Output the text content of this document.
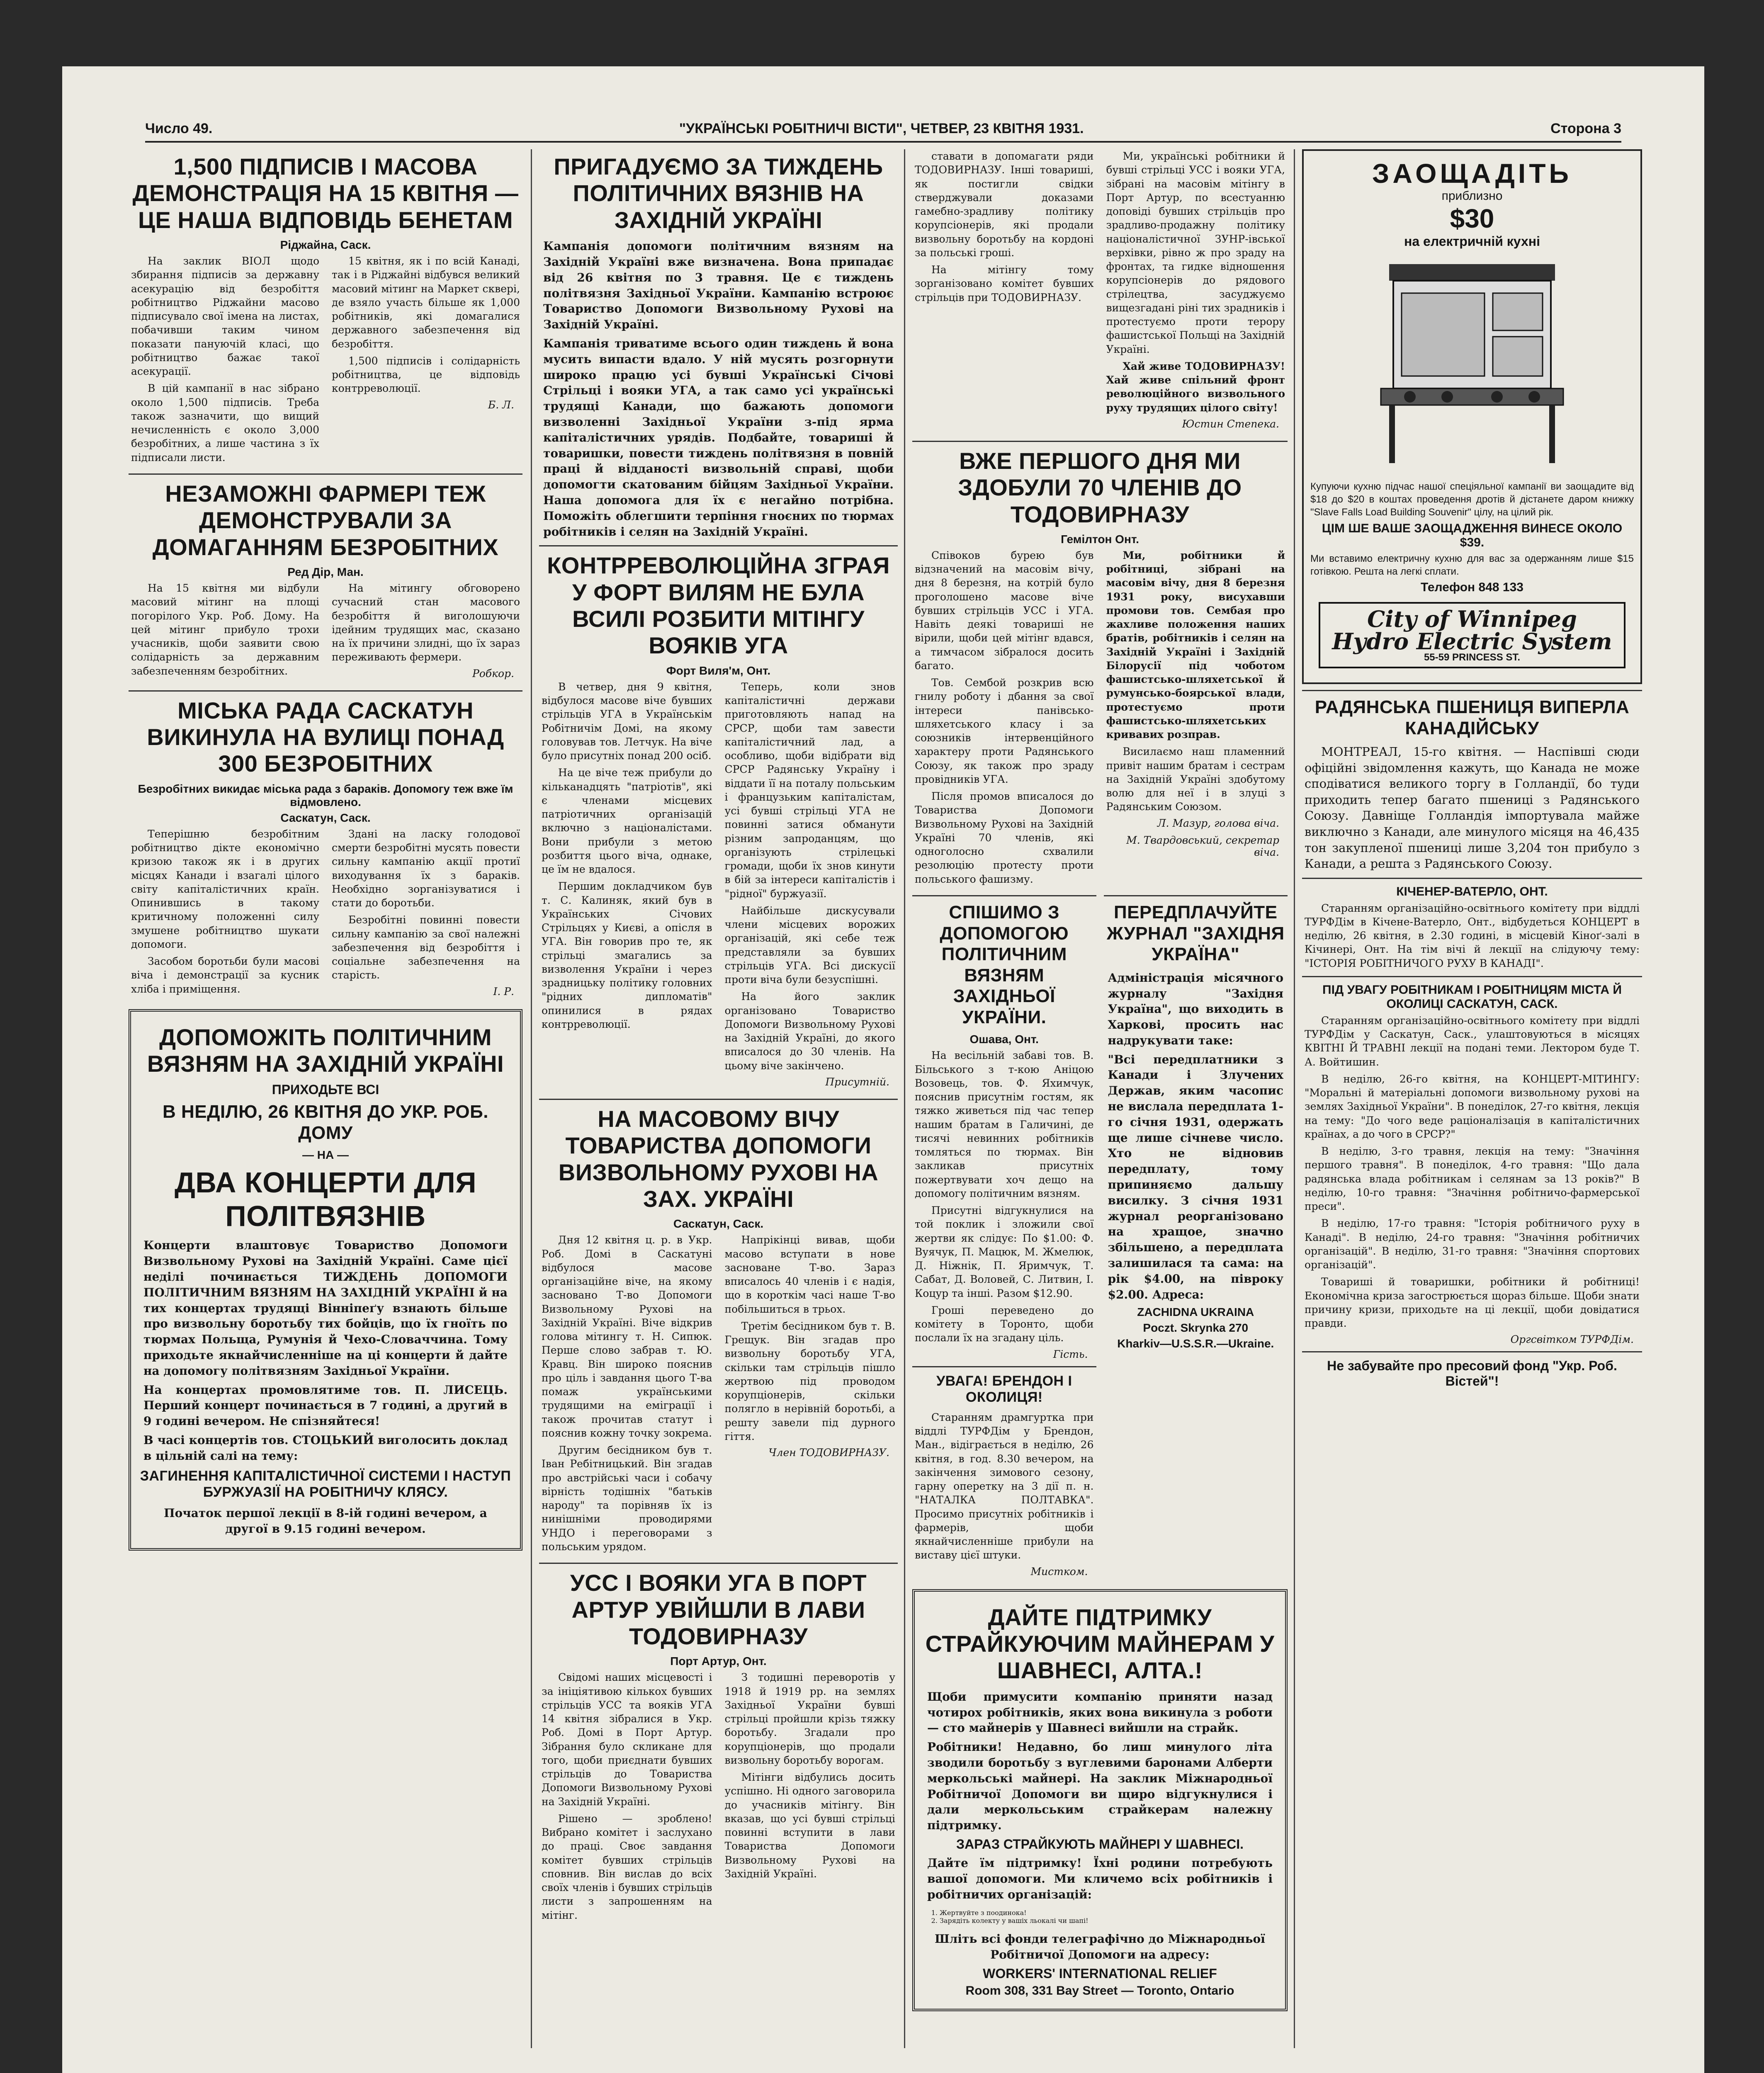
Число 49.	"УКРАЇНСЬКІ РОБІТНИЧІ ВІСТИ", ЧЕТВЕР, 23 КВІТНЯ 1931.	Сторона 3
1,500 ПІДПИСІВ І МАСОВА ДЕМОНСТРАЦІЯ НА 15 КВІТНЯ — ЦЕ НАША ВІДПОВІДЬ БЕНЕТАМ
Ріджайна, Саск.

На заклик ВІОЛ щодо збирання підписів за державну асекурацію від безробіття робітництво Ріджайни масово підписувало свої імена на листах, побачивши таким чином показати пануючій класі, що робітництво бажає такої асекурації.

В цій кампанії в нас зібрано около 1,500 підписів. Треба також зазначити, що вищий нечисленність є около 3,000 безробітних, а лише частина з їх підписали листи.

15 квітня, як і по всій Канаді, так і в Ріджайні відбувся великий масовий мітинг на Маркет сквері, де взяло участь більше як 1,000 робітників, які домагалися державного забезпечення від безробіття.

1,500 підписів і солідарність робітництва, це відповідь контрреволюції.

Б. Л.
НЕЗАМОЖНІ ФАРМЕРІ ТЕЖ ДЕМОНСТРУВАЛИ ЗА ДОМАГАННЯМ БЕЗРОБІТНИХ
Ред Дір, Ман.

На 15 квітня ми відбули масовий мітинг на площі погорілого Укр. Роб. Дому. На цей мітинг прибуло трохи учасників, щоби заявити свою солідарність за державним забезпеченням безробітних.

На мітингу обговорено сучасний стан масового безробіття й виголошуючи ідейним трудящих мас, сказано на їх причини злидні, що їх зараз переживають фермери.

Робкор.
МІСЬКА РАДА САСКАТУН ВИКИНУЛА НА ВУЛИЦІ ПОНАД 300 БЕЗРОБІТНИХ
Безробітних викидає міська рада з бараків. Допомогу теж вже їм відмовлено.
Саскатун, Саск.

Теперішню безробітним робітництво дікте економічно кризою також як і в других місцях Канади і взагалі цілого світу капіталістичних країн. Опинившись в такому критичному положенні силу змушене робітництво шукати допомоги.

Засобом боротьби були масові віча і демонстрації за кусник хліба і приміщення.

Здані на ласку голодової смерти безробітні мусять повести сильну кампанію акції протиї виходування їх з бараків. Необхідно зорганізуватися і стати до боротьби.

Безробітні повинні повести сильну кампанію за свої належні забезпечення від безробіття і соціальне забезпечення на старість.

І. Р.
ДОПОМОЖІТЬ ПОЛІТИЧНИМ ВЯЗНЯМ НА ЗАХІДНІЙ УКРАЇНІ
ПРИХОДЬТЕ ВСІ
В НЕДІЛЮ, 26 КВІТНЯ ДО УКР. РОБ. ДОМУ
— НА —
ДВА КОНЦЕРТИ ДЛЯ ПОЛІТВЯЗНІВ
Концерти влаштовує Товариство Допомоги Визвольному Рухові на Західній Україні. Саме цієї неділі починається ТИЖДЕНЬ ДОПОМОГИ ПОЛІТИЧНИМ ВЯЗНЯМ НА ЗАХІДНІЙ УКРАЇНІ й на тих концертах трудящі Вінніпеґу взнають більше про визвольну боротьбу тих бойців, що їх гноїть по тюрмах Польща, Румунія й Чехо-Словаччина. Тому приходьте якнайчисленніше на ці концерти й дайте на допомогу політвязням Західньої України.
На концертах промовлятиме тов. П. ЛИСЕЦЬ. Перший концерт починається в 7 годині, а другий в 9 годині вечером. Не спізняйтеся!
В часі концертів тов. СТОЦЬКИЙ виголосить доклад в цільній салі на тему:
ЗАГИНЕННЯ КАПІТАЛІСТИЧНОЇ СИСТЕМИ І НАСТУП БУРЖУАЗІЇ НА РОБІТНИЧУ КЛЯСУ.
Початок першої лекції в 8-ій годині вечером, а другої в 9.15 годині вечером.
ПРИГАДУЄМО ЗА ТИЖДЕНЬ ПОЛІТИЧНИХ ВЯЗНІВ НА ЗАХІДНІЙ УКРАЇНІ
Кампанія допомоги політичним вязням на Західній Україні вже визначена. Вона припадає від 26 квітня по 3 травня. Це є тиждень політвязня Західньої України. Кампанію встроює Товариство Допомоги Визвольному Рухові на Західній Україні.
Кампанія триватиме всього один тиждень й вона мусить випасти вдало. У ній мусять розгорнути широко працю усі бувші Українські Січові Стрільці і вояки УГА, а так само усі українські трудящі Канади, що бажають допомоги визволенні Західньої України з-під ярма капіталістичних урядів. Подбайте, товариші й товаришки, повести тиждень політвязня в повній праці й відданості визвольній справі, щоби допомогти скатованим бійцям Західньої України. Наша допомога для їх є негайно потрібна. Поможіть облегшити терпіння гноєних по тюрмах робітників і селян на Західній Україні.
КОНТРРЕВОЛЮЦІЙНА ЗГРАЯ У ФОРТ ВИЛЯМ НЕ БУЛА ВСИЛІ РОЗБИТИ МІТІНГУ ВОЯКІВ УГА
Форт Виля'м, Онт.

В четвер, дня 9 квітня, відбулося масове віче бувших стрільців УГА в Українськім Робітничім Домі, на якому головував тов. Летчук. На віче було присутніх понад 200 осіб.

На це віче теж прибули до кільканадцять "патріотів", які є членами місцевих патріотичних організацій включно з націоналістами. Вони прибули з метою розбиття цього віча, однаке, це їм не вдалося.

Першим докладчиком був т. С. Калиняк, який був в Українських Січових Стрільцях у Києві, а опісля в УГА. Він говорив про те, як стрільці змагались за визволення України і через зрадницьку політику головних "рідних дипломатів" опинилися в рядах контрреволюції.

Теперь, коли знов капіталістичні держави приготовляють напад на СРСР, щоби там завести капіталістичний лад, а особливо, щоби відібрати від СРСР Радянську Україну і віддати її на поталу польським і французьким капіталістам, усі бувші стрільці УГА не повинні затися обманути різним запроданцям, що організують стрілецькі громади, щоби їх знов кинути в бій за інтереси капіталістів і "рідної" буржуазії.

Найбільше дискусували члени місцевих ворожих організацій, які себе теж представляли за бувших стрільців УГА. Всі дискусії проти віча були безуспішні.

На його заклик організовано Товариство Допомоги Визвольному Рухові на Західній Україні, до якого вписалося до 30 членів. На цьому віче закінчено.

Присутній.
НА МАСОВОМУ ВІЧУ ТОВАРИСТВА ДОПОМОГИ ВИЗВОЛЬНОМУ РУХОВІ НА ЗАХ. УКРАЇНІ
Саскатун, Саск.

Дня 12 квітня ц. р. в Укр. Роб. Домі в Саскатуні відбулося масове організаційне віче, на якому засновано Т-во Допомоги Визвольному Рухові на Західній Україні. Віче відкрив голова мітингу т. Н. Сипюк. Перше слово забрав т. Ю. Кравц. Він широко пояснив про ціль і завдання цього Т-ва помаж українськими трудящими на еміграції і також прочитав статут і пояснив кожну точку зокрема.

Другим бесідником був т. Іван Ребітницький. Він згадав про австрійські часи і собачу вірність тодішніх "батьків народу" та порівняв їх із нинішніми проводирями УНДО і переговорами з польським урядом.

Напрікінці вивав, щоби масово вступати в нове засноване Т-во. Зараз вписалось 40 членів і є надія, що в короткім часі наше Т-во побільшиться в трьох.

Третім бесідником був т. В. Грещук. Він згадав про визвольну боротьбу УГА, скільки там стрільців пішло жертвою під проводом корупціонерів, скільки полягло в нерівній боротьбі, а решту завели під дурного гіття.

Член ТОДОВИРНАЗУ.
УСС І ВОЯКИ УГА В ПОРТ АРТУР УВІЙШЛИ В ЛАВИ ТОДОВИРНАЗУ
Порт Артур, Онт.

Свідомі наших місцевості і за ініціятивою кількох бувших стрільців УСС та вояків УГА 14 квітня зібралися в Укр. Роб. Домі в Порт Артур. Зібрання було скликане для того, щоби приєднати бувших стрільців до Товариства Допомоги Визвольному Рухові на Західній Україні.

Рішено — зроблено! Вибрано комітет і заслухано до праці. Своє завдання комітет бувших стрільців сповнив. Він вислав до всіх своїх членів і бувших стрільців листи з запрошенням на мітінг.

З тодишні переворотів у 1918 й 1919 рр. на землях Західньої України бувші стрільці пройшли крізь тяжку боротьбу. Згадали про корупціонерів, що продали визвольну боротьбу ворогам.

Мітінги відбулись досить успішно. Ні одного заговорила до учасників мітінгу. Він вказав, що усі бувші стрільці повинні вступити в лави Товариства Допомоги Визвольному Рухові на Західній Україні.

ставати в допомагати ряди ТОДОВИРНАЗУ. Інші товариші, як постигли свідки стверджували доказами гамебно-зрадливу політику корупсіонерів, які продали визвольну боротьбу на кордоні за польські гроші.

На мітінгу тому зорганізовано комітет бувших стрільців при ТОДОВИРНАЗУ.

Ми, українські робітники й бувші стрільці УСС і вояки УГА, зібрані на масовім мітінгу в Порт Артур, по всестуанню доповіді бувших стрільців про зрадливо-продажну політику націоналістичної ЗУНР-івської верхівки, рівно ж про зраду на фронтах, та гидке відношення корупсіонерів до рядового стрілецтва, засуджуємо вищезгадані ріні тих зрадників і протестуємо проти терору фашистської Польщі на Західній Україні.

Хай живе ТОДОВИРНАЗУ! Хай живе спільний фронт революційного визвольного руху трудящих цілого світу!

Юстин Степека.
ВЖЕ ПЕРШОГО ДНЯ МИ ЗДОБУЛИ 70 ЧЛЕНІВ ДО ТОДОВИРНАЗУ
Гемілтон Онт.

Співоков бурею був відзначений на масовім вічу, дня 8 березня, на котрій було проголошено масове віче бувших стрільців УСС і УГА. Навіть деякі товариші не вірили, щоби цей мітінг вдався, а тимчасом зібралося досить багато.

Тов. Сембой розкрив всю гнилу роботу і дбання за свої інтереси панівсько-шляхетського класу і за союзників інтервенційного характеру проти Радянського Союзу, як також про зраду провідників УГА.

Після промов вписалося до Товариства Допомоги Визвольному Рухові на Західній Україні 70 членів, які одноголосно схвалили резолюцію протесту проти польського фашизму.

Ми, робітники й робітниці, зібрані на масовім вічу, дня 8 березня 1931 року, висухавши промови тов. Сембая про жахливе положення наших братів, робітників і селян на Західній Україні і Західній Білорусії під чоботом фашистсько-шляхетської й румунсько-боярської влади, протестуємо проти фашистсько-шляхетських кривавих розправ.

Висилаємо наш пламенний привіт нашим братам і сестрам на Західній Україні здобутому волю для неї і в злуці з Радянським Союзом.

Л. Мазур, голова віча.
М. Твардовський, секретар віча.
СПІШИМО З ДОПОМОГОЮ ПОЛІТИЧНИМ ВЯЗНЯМ ЗАХІДНЬОЇ УКРАЇНИ.
Ошава, Онт.

На весільній забаві тов. В. Більського з т-кою Аніцою Возовець, тов. Ф. Яхимчук, пояснив присутнім гостям, як тяжко живеться під час тепер нашим братам в Галичині, де тисячі невинних робітників томляться по тюрмах. Він закликав присутніх пожертвувати хоч дещо на допомогу політичним вязням.

Присутні відгукнулися на той поклик і зложили свої жертви як слідує: По $1.00: Ф. Вуячук, П. Мацюк, М. Жмелюк, Д. Ніжнік, П. Яримчук, Т. Сабат, Д. Воловей, С. Литвин, І. Коцур та інші. Разом $12.90.

Гроші переведено до комітету в Торонто, щоби послали їх на згадану ціль.

Гість.
УВАГА! БРЕНДОН І ОКОЛИЦЯ!

Старанням драмгуртка при віддлі ТУРФДім у Брендон, Ман., відіграється в неділю, 26 квітня, в год. 8.30 вечером, на закінчення зимового сезону, гарну оперетку на 3 дії п. н. "НАТАЛКА ПОЛТАВКА". Просимо присутніх робітників і фармерів, щоби якнайчисленніше прибули на виставу цієї штуки.

Мистком.
ПЕРЕДПЛАЧУЙТЕ ЖУРНАЛ "ЗАХІДНЯ УКРАЇНА"
Адміністрація місячного журналу "Західня Україна", що виходить в Харкові, просить нас надрукувати таке:
"Всі передплатники з Канади і Злучених Держав, яким часопис не вислала передплата 1-го січня 1931, одержать ще лише січневе число. Хто не відновив передплату, тому припиняємо дальшу висилку. З січня 1931 журнал реорганізовано на хращое, значно збільшено, а передплата залишилася та сама: на рік $4.00, на півроку $2.00. Адреса:
ZACHIDNA UKRAINA
Poczt. Skrynka 270
Kharkiv—U.S.S.R.—Ukraine.
ДАЙТЕ ПІДТРИМКУ СТРАЙКУЮЧИМ МАЙНЕРАМ У ШАВНЕСІ, АЛТА.!
Щоби примусити компанію приняти назад чотирох робітників, яких вона викинула з роботи — сто майнерів у Шавнесі вийшли на страйк.
Робітники! Недавно, бо лиш минулого літа зводили боротьбу з вуглевими баронами Алберти меркольські майнері. На заклик Міжнародньої Робітничої Допомоги ви щиро відгукнулися і дали меркольським страйкерам належну підтримку.
ЗАРАЗ СТРАЙКУЮТЬ МАЙНЕРІ У ШАВНЕСІ.
Дайте їм підтримку! Їхні родини потребують вашої допомоги. Ми кличемо всіх робітників і робітничих організацій:
1. Жертвуйте з поодинока!
2. Зарядіть колекту у вашіх льокалі чи шапі!
Шліть всі фонди телеграфічно до Міжнародньої Робітничої Допомоги на адресу:
WORKERS' INTERNATIONAL RELIEF
Room 308, 331 Bay Street — Toronto, Ontario
ЗАОЩАДІТЬ
приблизно
$30
на електричній кухні
Купуючи кухню підчас нашої спеціяльної кампанії ви заощадите від $18 до $20 в коштах проведення дротів й дістанете даром книжку "Slave Falls Load Building Souvenir" цілу, на цілий рік.
ЦІМ ШЕ ВАШЕ ЗАОЩАДЖЕННЯ ВИНЕСЕ ОКОЛО $39.
Ми вставимо електричну кухню для вас за одержанням лише $15 готівкою. Решта на легкі сплати.
Телефон 848 133
City of Winnipeg
Hydro Electric System
55-59 PRINCESS ST.
РАДЯНСЬКА ПШЕНИЦЯ ВИПЕРЛА КАНАДІЙСЬКУ

МОНТРЕАЛ, 15-го квітня. — Наспівші сюди офіційні звідомлення кажуть, що Канада не може сподіватися великого торгу в Голландії, бо туди приходить тепер багато пшениці з Радянського Союзу. Давніще Голландія імпортувала майже виключно з Канади, але минулого місяця на 46,435 тон закупленої пшениці лише 3,204 тон прибуло з Канади, а решта з Радянського Союзу.

КІЧЕНЕР-ВАТЕРЛО, ОНТ.

Старанням організаційно-освітнього комітету при віддлі ТУРФДім в Кічене-Ватерло, Онт., відбудеться КОНЦЕРТ в неділю, 26 квітня, в 2.30 годині, в місцевій Кіноґ-залі в Кічинері, Онт. На тім вічі й лекції на слідуючу тему: "ІСТОРІЯ РОБІТНИЧОГО РУХУ В КАНАДІ".

ПІД УВАГУ РОБІТНИКАМ І РОБІТНИЦЯМ МІСТА Й ОКОЛИЦІ САСКАТУН, САСК.

Старанням організаційно-освітнього комітету при віддлі ТУРФДім у Саскатун, Саск., улаштовуються в місяцях КВІТНІ Й ТРАВНІ лекції на подані теми. Лектором буде Т. А. Войтишин.

В неділю, 26-го квітня, на КОНЦЕРТ-МІТИНГУ: "Моральні й матеріальні допомоги визвольному рухові на землях Західньої України". В понеділок, 27-го квітня, лекція на тему: "До чого веде раціоналізація в капіталістичних країнах, а до чого в СРСР?"

В неділю, 3-го травня, лекція на тему: "Значіння першого травня". В понеділок, 4-го травня: "Що дала радянська влада робітникам і селянам за 13 років?" В неділю, 10-го травня: "Значіння робітничо-фармерської преси".

В неділю, 17-го травня: "Історія робітничого руху в Канаді". В неділю, 24-го травня: "Значіння робітничих організацій". В неділю, 31-го травня: "Значіння спортових організацій".

Товариші й товаришки, робітники й робітниці! Економічна криза загострюється щораз більше. Щоби знати причину кризи, приходьте на ці лекції, щоби довідатися правди.

Оргсвітком ТУРФДім.
Не забувайте про пресовий фонд "Укр. Роб. Вістей"!
